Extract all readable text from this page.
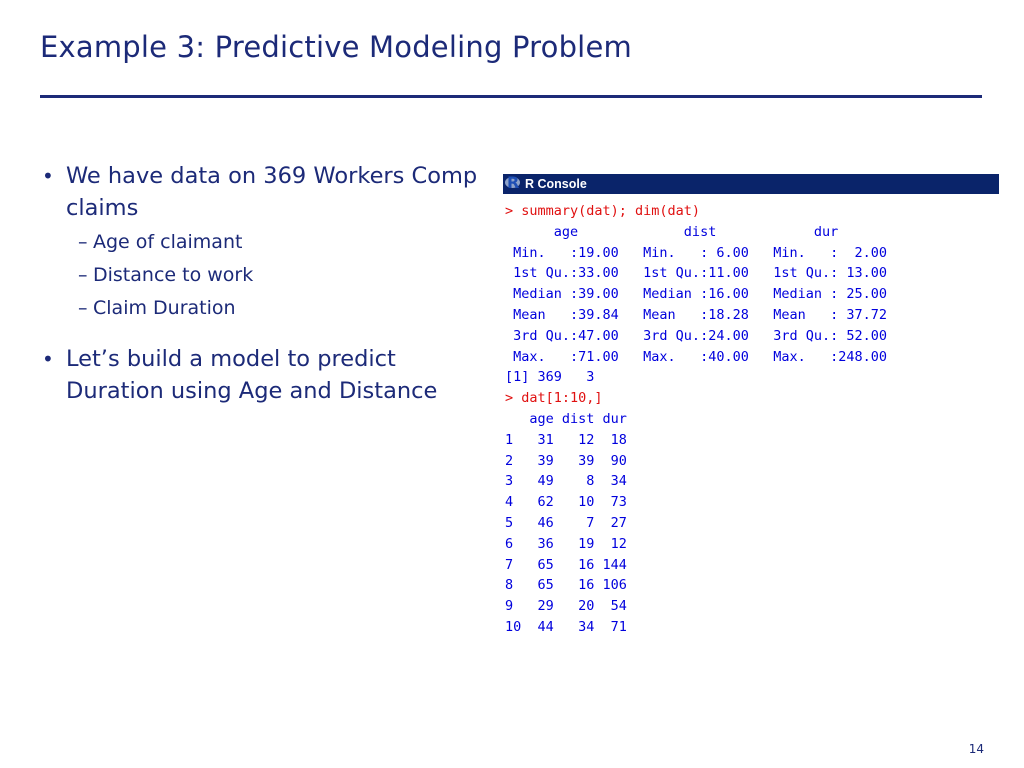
Example 3: Predictive Modeling Problem
• We have data on 369 Workers Comp claims
– Age of claimant
– Distance to work
– Claim Duration
• Let’s build a model to predict Duration using Age and Distance
R R Console
> summary(dat); dim(dat)
age             dist            dur
Min.   :19.00   Min.   : 6.00   Min.   :  2.00
1st Qu.:33.00   1st Qu.:11.00   1st Qu.: 13.00
Median :39.00   Median :16.00   Median : 25.00
Mean   :39.84   Mean   :18.28   Mean   : 37.72
3rd Qu.:47.00   3rd Qu.:24.00   3rd Qu.: 52.00
Max.   :71.00   Max.   :40.00   Max.   :248.00
[1] 369   3
> dat[1:10,]
age dist dur
1   31   12  18
2   39   39  90
3   49    8  34
4   62   10  73
5   46    7  27
6   36   19  12
7   65   16 144
8   65   16 106
9   29   20  54
10  44   34  71
14
